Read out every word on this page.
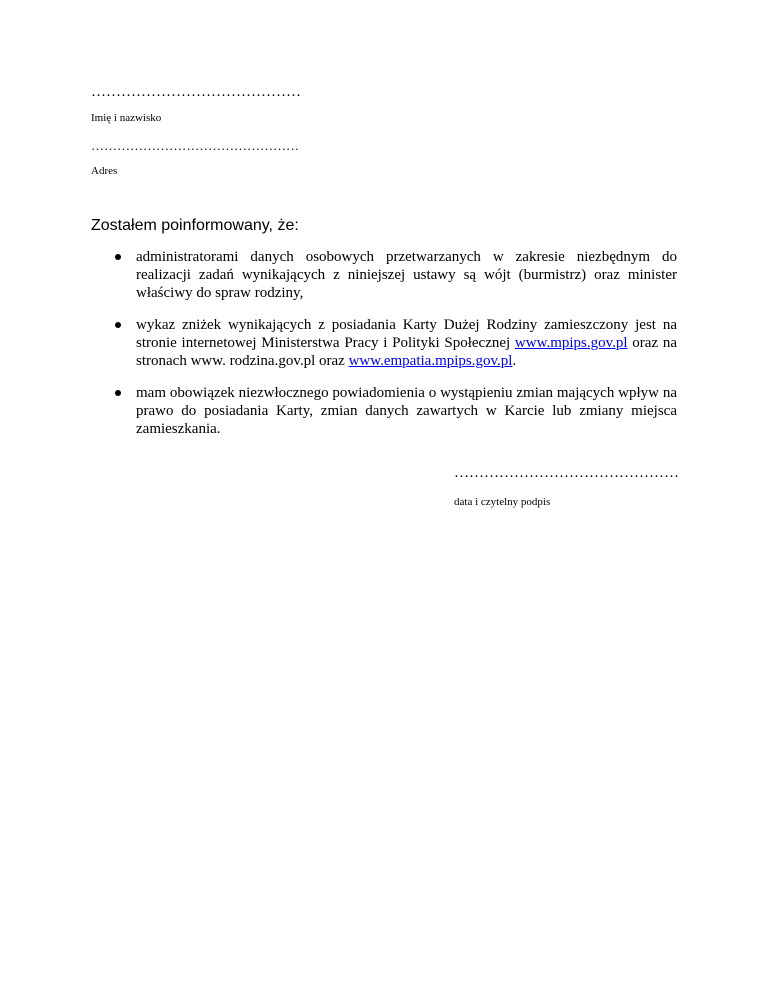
……………………………………
Imię i nazwisko
…………………………………………
Adres
Zostałem poinformowany, że:
administratorami danych osobowych przetwarzanych w zakresie niezbędnym do realizacji zadań wynikających z niniejszej ustawy są wójt (burmistrz) oraz minister właściwy do spraw rodziny,
wykaz zniżek wynikających z posiadania Karty Dużej Rodziny zamieszczony jest na stronie internetowej Ministerstwa Pracy i Polityki Społecznej www.mpips.gov.pl oraz na stronach www. rodzina.gov.pl oraz www.empatia.mpips.gov.pl.
mam obowiązek niezwłocznego powiadomienia o wystąpieniu zmian mających wpływ na prawo do posiadania Karty, zmian danych zawartych w Karcie lub zmiany miejsca zamieszkania.
………………………………………
data i czytelny podpis
